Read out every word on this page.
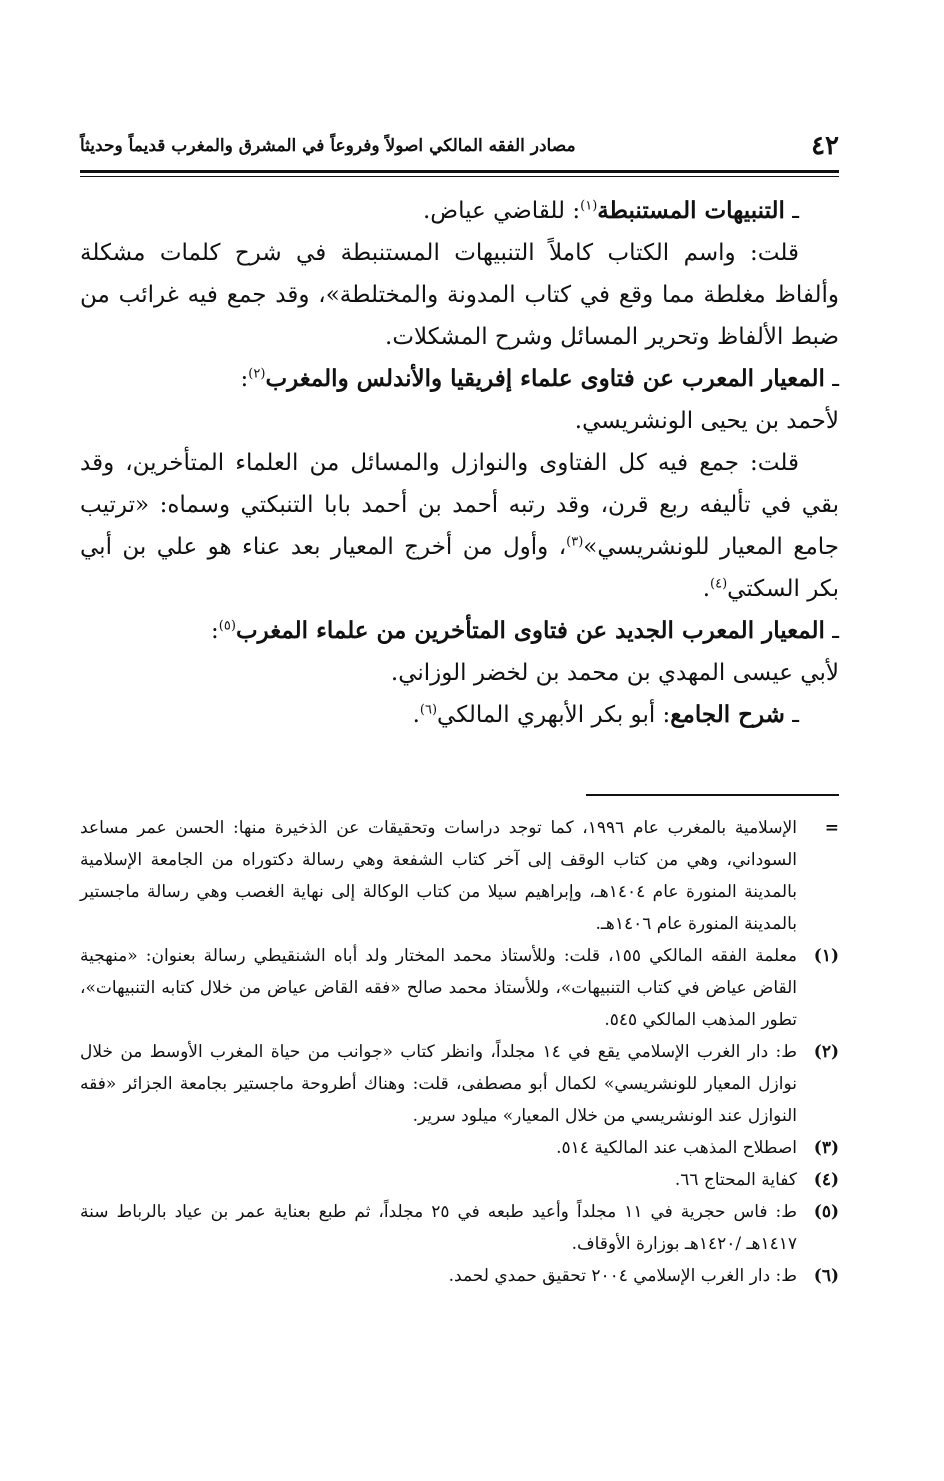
٤٢
مصادر الفقه المالكي اصولاً وفروعاً في المشرق والمغرب قديماً وحديثاً

ـ التنبيهات المستنبطة$^{(١)}$: للقاضي عياض.

قلت: واسم الكتاب كاملاً التنبيهات المستنبطة في شرح كلمات مشكلة وألفاظ مغلطة مما وقع في كتاب المدونة والمختلطة»، وقد جمع فيه غرائب من ضبط الألفاظ وتحرير المسائل وشرح المشكلات.

ـ المعيار المعرب عن فتاوى علماء إفريقيا والأندلس والمغرب$^{(٢)}$:

لأحمد بن يحيى الونشريسي.

قلت: جمع فيه كل الفتاوى والنوازل والمسائل من العلماء المتأخرين، وقد بقي في تأليفه ربع قرن، وقد رتبه أحمد بن أحمد بابا التنبكتي وسماه: «ترتيب جامع المعيار للونشريسي»$^{(٣)}$، وأول من أخرج المعيار بعد عناء هو علي بن أبي بكر السكتي$^{(٤)}$.

ـ المعيار المعرب الجديد عن فتاوى المتأخرين من علماء المغرب$^{(٥)}$:

لأبي عيسى المهدي بن محمد بن لخضر الوزاني.

ـ شرح الجامع: أبو بكر الأبهري المالكي$^{(٦)}$.

=
الإسلامية بالمغرب عام ١٩٩٦، كما توجد دراسات وتحقيقات عن الذخيرة منها: الحسن عمر مساعد السوداني، وهي من كتاب الوقف إلى آخر كتاب الشفعة وهي رسالة دكتوراه من الجامعة الإسلامية بالمدينة المنورة عام ١٤٠٤هـ، وإبراهيم سيلا من كتاب الوكالة إلى نهاية الغصب وهي رسالة ماجستير بالمدينة المنورة عام ١٤٠٦هـ.
(١)
معلمة الفقه المالكي ١٥٥، قلت: وللأستاذ محمد المختار ولد أباه الشنقيطي رسالة بعنوان: «منهجية القاض عياض في كتاب التنبيهات»، وللأستاذ محمد صالح «فقه القاض عياض من خلال كتابه التنبيهات»، تطور المذهب المالكي ٥٤٥.
(٢)
ط: دار الغرب الإسلامي يقع في ١٤ مجلداً، وانظر كتاب «جوانب من حياة المغرب الأوسط من خلال نوازل المعيار للونشريسي» لكمال أبو مصطفى، قلت: وهناك أطروحة ماجستير بجامعة الجزائر «فقه النوازل عند الونشريسي من خلال المعيار» ميلود سرير.
(٣)
اصطلاح المذهب عند المالكية ٥١٤.
(٤)
كفاية المحتاج ٦٦.
(٥)
ط: فاس حجرية في ١١ مجلداً وأعيد طبعه في ٢٥ مجلداً، ثم طبع بعناية عمر بن عياد بالرباط سنة ١٤١٧هـ /١٤٢٠هـ بوزارة الأوقاف.
(٦)
ط: دار الغرب الإسلامي ٢٠٠٤ تحقيق حمدي لحمد.
